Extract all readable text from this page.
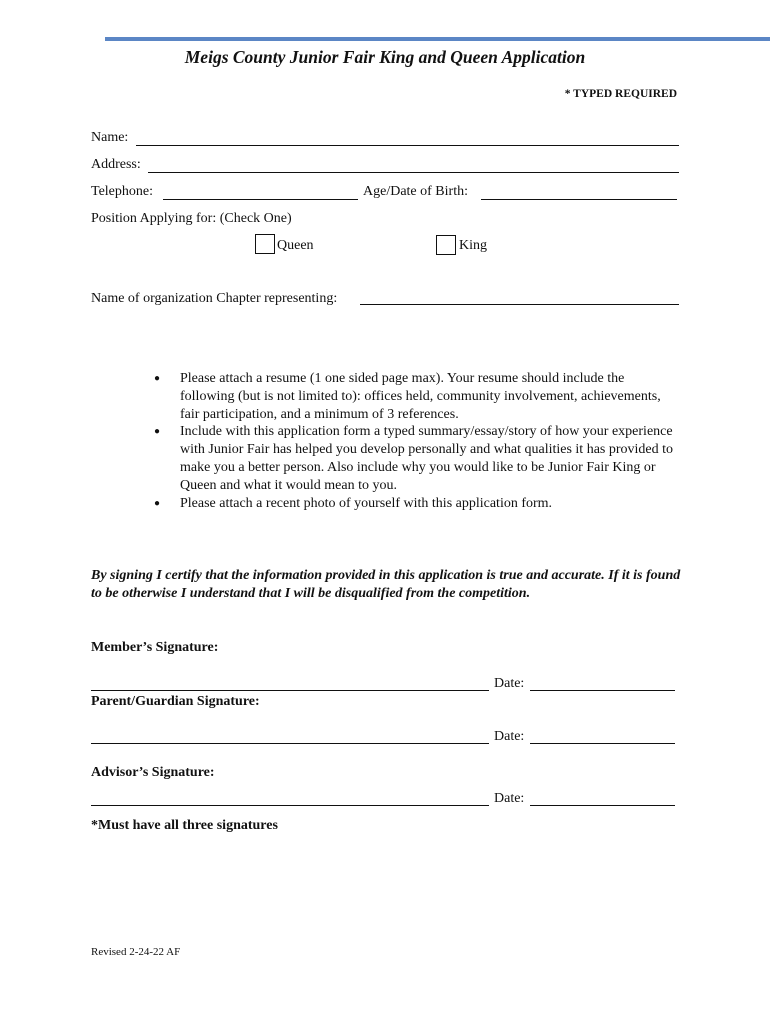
Meigs County Junior Fair King and Queen Application
* TYPED REQUIRED
Name:
Address:
Telephone:	Age/Date of Birth:
Position Applying for: (Check One)
Queen	King
Name of organization Chapter representing:
● Please attach a resume (1 one sided page max). Your resume should include the following (but is not limited to): offices held, community involvement, achievements, fair participation, and a minimum of 3 references.
● Include with this application form a typed summary/essay/story of how your experience with Junior Fair has helped you develop personally and what qualities it has provided to make you a better person. Also include why you would like to be Junior Fair King or Queen and what it would mean to you.
● Please attach a recent photo of yourself with this application form.
By signing I certify that the information provided in this application is true and accurate. If it is found to be otherwise I understand that I will be disqualified from the competition.
Member’s Signature:
Date:
Parent/Guardian Signature:
Date:
Advisor’s Signature:
Date:
*Must have all three signatures
Revised 2-24-22 AF
